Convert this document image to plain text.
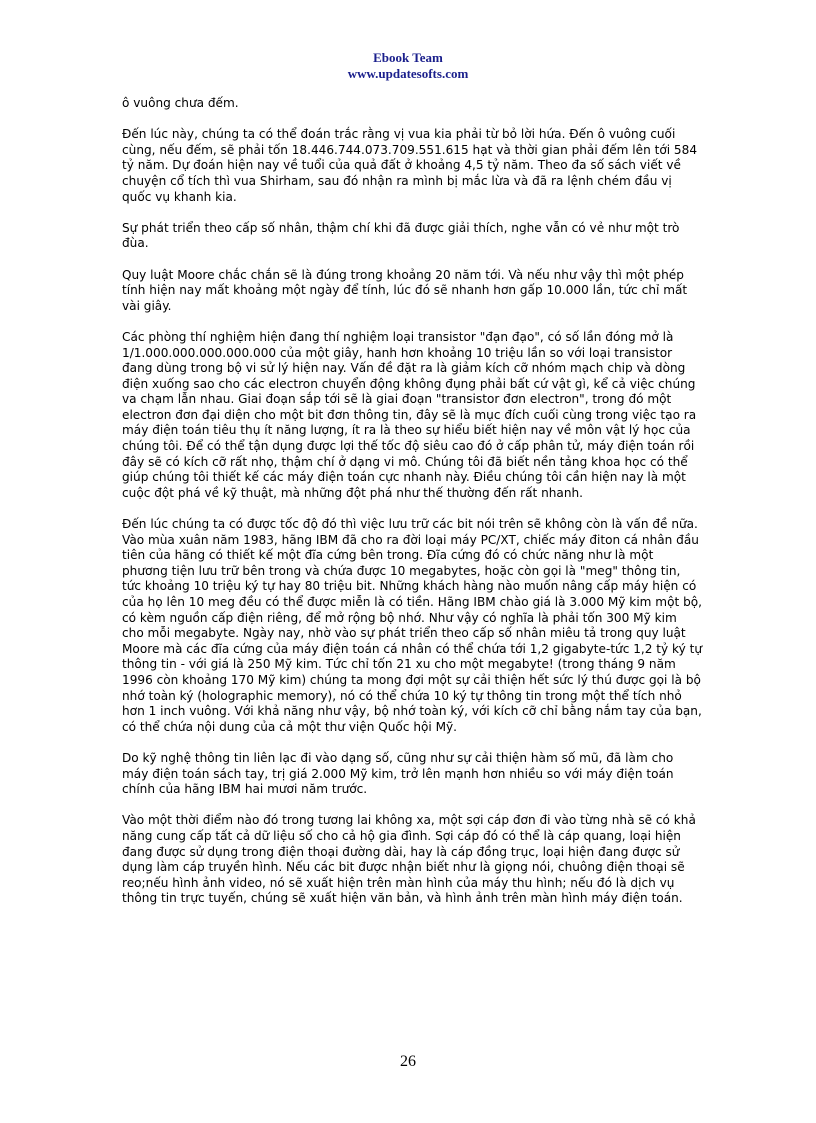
Ebook Team
www.updatesofts.com

ô vuông chưa đếm.

Đến lúc này, chúng ta có thể đoán trắc rằng vị vua kia phải từ bỏ lời hứa. Đến ô vuông cuối cùng, nếu đếm, sẽ phải tốn 18.446.744.073.709.551.615 hạt và thời gian phải đếm lên tới 584 tỷ năm. Dự đoán hiện nay về tuổi của quả đất ở khoảng 4,5 tỷ năm. Theo đa số sách viết về chuyện cổ tích thì vua Shirham, sau đó nhận ra mình bị mắc lừa và đã ra lệnh chém đầu vị quốc vụ khanh kia.

Sự phát triển theo cấp số nhân, thậm chí khi đã được giải thích, nghe vẫn có vẻ như một trò đùa.

Quy luật Moore chắc chắn sẽ là đúng trong khoảng 20 năm tới. Và nếu như vậy thì một phép tính hiện nay mất khoảng một ngày để tính, lúc đó sẽ nhanh hơn gấp 10.000 lần, tức chỉ mất vài giây.

Các phòng thí nghiệm hiện đang thí nghiệm loại transistor "đạn đạo", có số lần đóng mở là 1/1.000.000.000.000.000 của một giây, hanh hơn khoảng 10 triệu lần so với loại transistor đang dùng trong bộ vi sử lý hiện nay. Vấn đề đặt ra là giảm kích cỡ nhóm mạch chip và dòng điện xuống sao cho các electron chuyển động không đụng phải bất cứ vật gì, kể cả việc chúng va chạm lẫn nhau. Giai đoạn sắp tới sẽ là giai đoạn "transistor đơn electron", trong đó một electron đơn đại diện cho một bit đơn thông tin, đây sẽ là mục đích cuối cùng trong việc tạo ra máy điện toán tiêu thụ ít năng lượng, ít ra là theo sự hiểu biết hiện nay về môn vật lý học của chúng tôi. Để có thể tận dụng được lợi thế tốc độ siêu cao đó ở cấp phân tử, máy điện toán rồi đây sẽ có kích cỡ rất nhọ, thậm chí ở dạng vi mô. Chúng tôi đã biết nền tảng khoa học có thể giúp chúng tôi thiết kế các máy điện toán cực nhanh này. Điều chúng tôi cần hiện nay là một cuộc đột phá về kỹ thuật, mà những đột phá như thế thường đến rất nhanh.

Đến lúc chúng ta có được tốc độ đó thì việc lưu trữ các bit nói trên sẽ không còn là vấn đề nữa. Vào mùa xuân năm 1983, hãng IBM đã cho ra đời loại máy PC/XT, chiếc máy điton cá nhân đầu tiên của hãng có thiết kế một đĩa cứng bên trong. Đĩa cứng đó có chức năng như là một phương tiện lưu trữ bên trong và chứa được 10 megabytes, hoặc còn gọi là "meg" thông tin, tức khoảng 10 triệu ký tự hay 80 triệu bit. Những khách hàng nào muốn nâng cấp máy hiện có của họ lên 10 meg đều có thể được miễn là có tiền. Hãng IBM chào giá là 3.000 Mỹ kim một bộ, có kèm nguồn cấp điện riêng, để mở rộng bộ nhớ. Như vậy có nghĩa là phải tốn 300 Mỹ kim cho mỗi megabyte. Ngày nay, nhờ vào sự phát triển theo cấp số nhân miêu tả trong quy luật Moore mà các đĩa cứng của máy điện toán cá nhân có thể chứa tới 1,2 gigabyte-tức 1,2 tỷ ký tự thông tin - với giá là 250 Mỹ kim. Tức chỉ tốn 21 xu cho một megabyte! (trong tháng 9 năm 1996 còn khoảng 170 Mỹ kim) chúng ta mong đợi một sự cải thiện hết sức lý thú được gọi là bộ nhớ toàn ký (holographic memory), nó có thể chứa 10 ký tự thông tin trong một thể tích nhỏ hơn 1 inch vuông. Với khả năng như vậy, bộ nhớ toàn ký, với kích cỡ chỉ bằng nắm tay của bạn, có thể chứa nội dung của cả một thư viện Quốc hội Mỹ.

Do kỹ nghệ thông tin liên lạc đi vào dạng số, cũng như sự cải thiện hàm số mũ, đã làm cho máy điện toán sách tay, trị giá 2.000 Mỹ kim, trở lên mạnh hơn nhiều so với máy điện toán chính của hãng IBM hai mươi năm trước.

Vào một thời điểm nào đó trong tương lai không xa, một sợi cáp đơn đi vào từng nhà sẽ có khả năng cung cấp tất cả dữ liệu số cho cả hộ gia đình. Sợi cáp đó có thể là cáp quang, loại hiện đang được sử dụng trong điện thoại đường dài, hay là cáp đồng trục, loại hiện đang được sử dụng làm cáp truyền hình. Nếu các bit được nhận biết như là giọng nói, chuông điện thoại sẽ reo;nếu hình ảnh video, nó sẽ xuất hiện trên màn hình của máy thu hình; nếu đó là dịch vụ thông tin trực tuyến, chúng sẽ xuất hiện văn bản, và hình ảnh trên màn hình máy điện toán.

26
